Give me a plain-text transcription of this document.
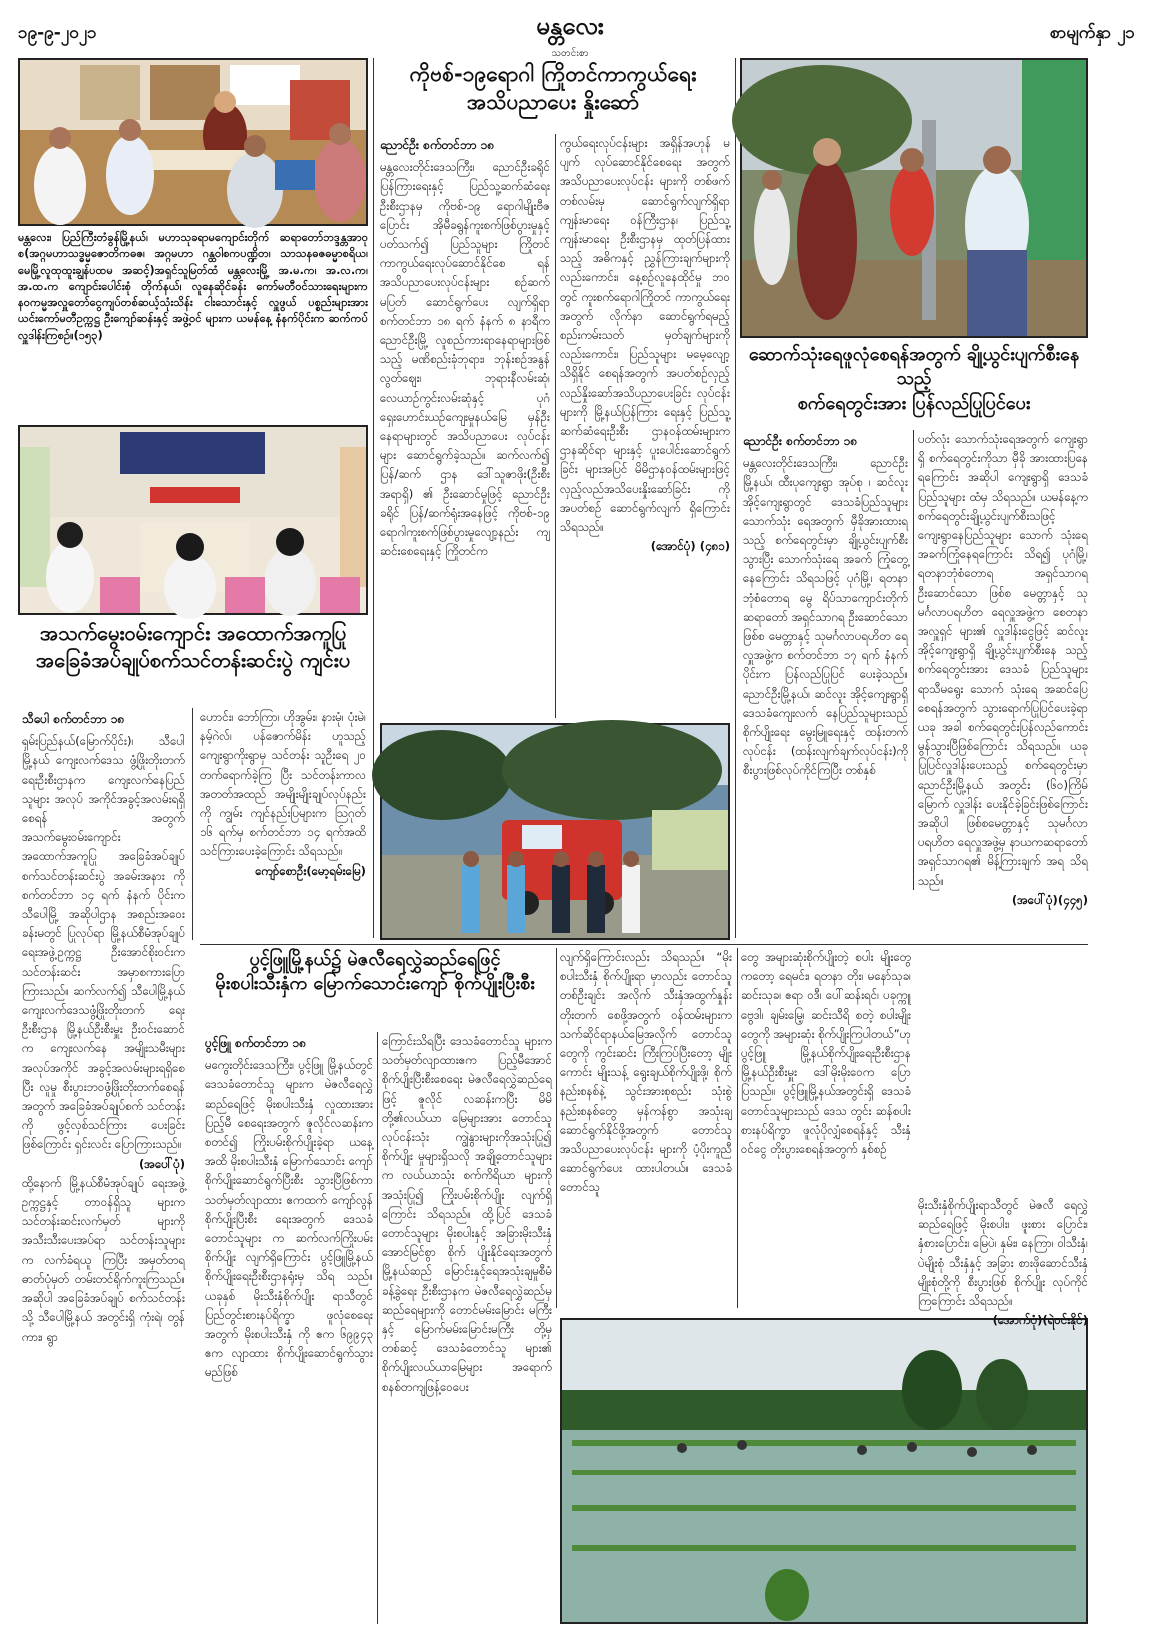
၁၉-၉-၂၀၂၁	မန္တလေး
သတင်းစာ
စာမျက်နှာ ၂၁
မန္တလေး၊ ပြည်ကြီးတံခွန်မြို့နယ်၊ မဟာသုခရာမကျောင်းတိုက် ဆရာတော်ဘဒ္ဒန္တအာဝုစ(အဂ္ဂမဟာသဒ္ဓမ္မဇောတိကဓဇ၊ အဂ္ဂမဟာ ဂန္ထဝါစကပဏ္ဍိတ၊ သာသနဓဇဓမ္မာစရိယ၊ မေမြို့လူထုထူးချွန်ပထမ အဆင့်)အရှင်သူမြတ်ထံ မန္တလေးမြို့ အ.မ.က၊ အ.လ.က၊ အ.ထ.က ကျောင်းပေါင်းစုံ တိုက်နယ်၊ လူနေဆိုင်ခန်း ကော်မတီဝင်သားရေးများက နဝကမ္မအလှူတော်ငွေကျပ်တစ်ဆယ့်သုံးသိန်း ငါးသောင်းနှင့် လှူဖွယ် ပစ္စည်းများအား ယင်းကော်မတီဥက္ကဋ္ဌ ဦးကျော်ဆန်းနှင့် အဖွဲ့ဝင် များက ယမန်နေ့ နံနက်ပိုင်းက ဆက်ကပ်လှူဒါန်းကြစဉ်။(၁၅၃)
အသက်မွေးဝမ်းကျောင်း အထောက်အကူပြု
အခြေခံအပ်ချုပ်စက်သင်တန်းဆင်းပွဲ ကျင်းပ
သီပေါ စက်တင်ဘာ ၁၈
ရှမ်းပြည်နယ်(မြောက်ပိုင်း)၊ သီပေါမြို့နယ် ကျေးလက်ဒေသ ဖွံ့ဖြိုးတိုးတက်ရေးဦးစီးဌာနက ကျေးလက်နေပြည်သူများ အလုပ် အကိုင်အခွင့်အလမ်းရရှိစေရန် အတွက် အသက်မွေးဝမ်းကျောင်း အထောက်အကူပြု အခြေခံအပ်ချုပ် စက်သင်တန်းဆင်းပွဲ အခမ်းအနား ကို စက်တင်ဘာ ၁၄ ရက် နံနက် ပိုင်းက သီပေါမြို့ အဆိုပါဌာန အစည်းအဝေးခန်းမတွင် ပြုလုပ်ရာ မြို့နယ်စီမံအုပ်ချုပ်ရေးအဖွဲ့ဥက္ကဋ္ဌ ဦးအောင်စိုးဝင်းက သင်တန်းဆင်း အမှာစကားပြောကြားသည်။ ဆက်လက်၍ သီပေါမြို့နယ် ကျေးလက်ဒေသဖွံ့ဖြိုးတိုးတက် ရေးဦးစီးဌာန မြို့နယ်ဦးစီးမှူး ဦးဝင်းဆောင်က ကျေးလက်နေ အမျိုးသမီးများ အလုပ်အကိုင် အခွင့်အလမ်းများရရှိစေပြီး လူမှု စီးပွားဘဝဖွံ့ဖြိုးတိုးတက်စေရန် အတွက် အခြေခံအပ်ချုပ်စက် သင်တန်းကို ဖွင့်လှစ်သင်ကြား ပေးခြင်းဖြစ်ကြောင်း ရှင်းလင်း ပြောကြားသည်။
(အပေါ်ပုံ)
ထို့နောက် မြို့နယ်စီမံအုပ်ချုပ် ရေးအဖွဲ့ဥက္ကဋ္ဌနှင့် တာဝန်ရှိသူ များက သင်တန်းဆင်းလက်မှတ် များကို အသီးသီးပေးအပ်ရာ သင်တန်းသူများက လက်ခံရယူ ကြပြီး အမှတ်တရ ဓာတ်ပုံမှတ် တမ်းတင်ရိုက်ကူးကြသည်။ အဆိုပါ အခြေခံအပ်ချုပ် စက်သင်တန်းသို့ သီပေါမြို့နယ် အတွင်းရှိ ကုံးရဲ၊ တွန်ကား၊ ရွာ
ဟောင်း၊ ဘော်ကြာ၊ ဟိုအွမ်း၊ နားမုံ၊ ပုံးမဲ၊ နမ့်ဂဲလ်၊ ပန်ဇောက်မိန်း ဟူသည့် ကျေးရွာကိုးရွာမှ သင်တန်း သူဦးရေ ၂၀ တက်ရောက်ခဲ့ကြ ပြီး သင်တန်းကာလ အတတ်အထည် အမျိုးမျိုးချုပ်လုပ်နည်းကို ကျွမ်း ကျင်နည်းပြများက သြဂုတ် ၁၆ ရက်မှ စက်တင်ဘာ ၁၄ ရက်အထိ သင်ကြားပေးခဲ့ကြောင်း သိရသည်။
ကျော်စောဦး(မော့ရမ်းမြေ)
ကိုဗစ်-၁၉ရောဂါ ကြိုတင်ကာကွယ်ရေး
အသိပညာပေး နှိုးဆော်
ညောင်ဦး စက်တင်ဘာ ၁၈
မန္တလေးတိုင်းဒေသကြီး၊ ညောင်ဦးခရိုင် ပြန်ကြားရေးနှင့် ပြည်သူ့ဆက်ဆံရေးဦးစီးဌာနမှ ကိုဗစ်-၁၉ ရောဂါမျိုးဗီဇပြောင်း အိုမီခရွန်ကူးစက်ဖြစ်ပွားမှုနှင့် ပတ်သက်၍ ပြည်သူများ ကြိုတင် ကာကွယ်ရေးလုပ်ဆောင်နိုင်စေ ရန် အသိပညာပေးလုပ်ငန်းများ စဉ်ဆက်မပြတ် ဆောင်ရွက်ပေး လျက်ရှိရာ စက်တင်ဘာ ၁၈ ရက် နံနက် ၈ နာရီက ညောင်ဦးမြို့ လူစည်ကားရာနေရာများဖြစ်သည့် မဏိစည်းခုံဘုရား၊ ဘုန်းစဉ်အနွန် လွတ်ဈေး၊ ဘုရားနီလမ်းဆုံ၊ လေယာဉ်ကွင်းလမ်းဆုံနှင့် ပုဂံ ရှေးဟောင်းယဉ်ကျေးမှုနယ်မြေ မှန်ဦးနေရာများတွင် အသိပညာပေး လုပ်ငန်းများ ဆောင်ရွက်ခဲ့သည်။ ဆက်လက်၍ ပြန်/ဆက် ဌာန ဒေါ်သူဇာဖိုး(ဦးစီးအရာရှိ) ၏ ဦးဆောင်မှုဖြင့် ညောင်ဦးခရိုင် ပြန်/ဆက်ရုံးအနေဖြင့် ကိုဗစ်-၁၉ ရောဂါကူးစက်ဖြစ်ပွားမှုလျော့နည်း ကျဆင်းစေရေးနှင့် ကြိုတင်က
ကွယ်ရေးလုပ်ငန်းများ အရှိန်အဟုန် မပျက် လုပ်ဆောင်နိုင်စေရေး အတွက် အသိပညာပေးလုပ်ငန်း များကို တစ်ဖက်တစ်လမ်းမှ ဆောင်ရွက်လျက်ရှိရာ ကျန်းမာရေး ဝန်ကြီးဌာန၊ ပြည်သူ့ကျန်းမာရေး ဦးစီးဌာနမှ ထုတ်ပြန်ထားသည့် အဓိကနှင့် ညွှန်ကြားချက်များကို လည်းကောင်း၊ နေ့စဉ်လူနေထိုင်မှု ဘဝတွင် ကူးစက်ရောဂါကြိုတင် ကာကွယ်ရေးအတွက် လိုက်နာ ဆောင်ရွက်ရမည့် စည်းကမ်းသတ် မှတ်ချက်များကိုလည်းကောင်း၊ ပြည်သူများ မမေ့လျော့ သိရှိနိုင် စေရန်အတွက် အပတ်စဉ်လှည့် လည်နှိုးဆော်အသိပညာပေးခြင်း လုပ်ငန်းများကို မြို့နယ်ပြန်ကြား ရေးနှင့် ပြည်သူ့ဆက်ဆံရေးဦးစီး ဌာနဝန်ထမ်းများက ဌာနဆိုင်ရာ များနှင့် ပူးပေါင်းဆောင်ရွက်ခြင်း များအပြင် မိမိဌာနဝန်ထမ်းများဖြင့် လှည့်လည်အသိပေးနှိုးဆော်ခြင်း ကို အပတ်စဉ် ဆောင်ရွက်လျက် ရှိကြောင်း သိရသည်။
(အောင်ပုံ) (၄၈၁)
ဆောက်သုံးရေဖူလုံစေရန်အတွက် ချို့ယွင်းပျက်စီးနေသည့်
စက်ရေတွင်းအား ပြန်လည်ပြုပြင်ပေး
ညောင်ဦး စက်တင်ဘာ ၁၈
မန္တလေးတိုင်းဒေသကြီး၊ ညောင်ဦးမြို့နယ်၊ ထီးပုကျေးရွာ အုပ်စု ၊ ဆင်လူးအိုင့်ကျေးရွာတွင် ဒေသခံပြည်သူများ သောက်သုံး ရေအတွက် မှီခိုအားထားရသည့် စက်ရေတွင်းမှာ ချို့ယွင်းပျက်စီး သွားပြီး သောက်သုံးရေ အခက် ကြုံတွေ့နေကြောင်း သိရသဖြင့် ပုဂံမြို့၊ ရတနာဘုံစံတောရ မွေ ရိပ်သာကျောင်းတိုက်ဆရာတော် အရှင်သာဂရ ဦးဆောင်သော ဖြစ်စ မေတ္တာနှင့် သုမင်္ဂလာပရဟိတ ရေလှူအဖွဲ့က စက်တင်ဘာ ၁၇ ရက် နံနက်ပိုင်းက ပြန်လည်ပြုပြင် ပေးခဲ့သည်။ ညောင်ဦးမြို့နယ်၊ ဆင်လူး အိုင့်ကျေးရွာရှိ ဒေသခံကျေးလက် နေပြည်သူများသည် စိုက်ပျိုးရေး မွေးမြူရေးနှင့် ထန်းတက်လုပ်ငန်း (ထန်းလျက်ချက်လုပ်ငန်း)ကို စီးပွားဖြစ်လုပ်ကိုင်ကြပြီး တစ်နှစ်
ပတ်လုံး သောက်သုံးရေအတွက် ကျေးရွာရှိ စက်ရေတွင်းကိုသာ မှီခို အားထားပြနေရကြောင်း အဆိုပါ ကျေးရွာရှိ ဒေသခံပြည်သူများ ထံမှ သိရသည်။ ယမန်နေ့က စက်ရေတွင်းချို့ယွင်းပျက်စီးသဖြင့် ကျေးရွာနေပြည်သူများ သောက် သုံးရေ အခက်ကြုံနေရကြောင်း သိရ၍ ပုဂံမြို့၊ ရတနာဘုံစံတောရ အရှင်သာဂရ ဦးဆောင်သော ဖြစ်စ မေတ္တာနှင့် သုမင်္ဂလာပရဟိတ ရေလှူအဖွဲ့က စေတနာအလှူရှင် များ၏ လှူဒါန်းငွေဖြင့် ဆင်လူး အိုင့်ကျေးရွာရှိ ချို့ယွင်းပျက်စီးနေ သည့် စက်ရေတွင်းအား ဒေသခံ ပြည်သူများ ရာသီမရွေး သောက် သုံးရေ အဆင်ပြေစေရန်အတွက် သွားရောက်ပြုပြင်ပေးခဲ့ရာ ယခု အခါ စက်ရေတွင်းပြန်လည်ကောင်း မွန်သွားပြီဖြစ်ကြောင်း သိရသည်။ ယခု ပြုပြင်လှူဒါန်းပေးသည့် စက်ရေတွင်းမှာ ညောင်ဦးမြို့နယ် အတွင်း (၆၀)ကြိမ်မြောက် လှူဒါန်း ပေးနိုင်ခဲ့ခြင်းဖြစ်ကြောင်း အဆိုပါ ဖြစ်စမေတ္တာနှင့် သုမင်္ဂလာပရဟိတ ရေလှူအဖွဲ့မှ နာယကဆရာတော် အရှင်သာဂရ၏ မိန့်ကြားချက် အရ သိရသည်။
(အပေါ်ပုံ)(၄၄၅)
ပွင့်ဖြူမြို့နယ်၌ မဲဇလီရေလွှဲဆည်ရေဖြင့်
မိုးစပါးသီးနှံက မြောက်သောင်းကျော် စိုက်ပျိုးပြီးစီး
ပွင့်ဖြူ စက်တင်ဘာ ၁၈
မကွေးတိုင်းဒေသကြီး၊ ပွင့်ဖြူ မြို့နယ်တွင် ဒေသခံတောင်သူ များက မဲဇလီရေလွှဲဆည်ရေဖြင့် မိုးစပါးသီးနှံ လှုထားအား ပြည့်မီ စေရေးအတွက် ဇူလိုင်လဆန်းက စတင်၍ ကြိုးပမ်းစိုက်ပျိုးခဲ့ရာ ယနေ့ အထိ မိုးစပါးသီးနှံ မြောက်သောင်း ကျော် စိုက်ပျိုးဆောင်ရွက်ပြီးစီး သွားပြီဖြစ်ကာ သတ်မှတ်လျာထား ဧကထက် ကျော်လွန်စိုက်ပျိုးပြီးစီး ရေးအတွက် ဒေသခံတောင်သူများ က ဆက်လက်ကြိုးပမ်းစိုက်ပျိုး လျက်ရှိကြောင်း ပွင့်ဖြူမြို့နယ် စိုက်ပျိုးရေးဦးစီးဌာနရုံးမှ သိရ သည်။ ယခုနှစ် မိုးသီးနှံစိုက်ပျိုး ရာသီတွင် ပြည်တွင်းစားနပ်ရိက္ခာ ဖူလုံစေရေးအတွက် မိုးစပါးသီးနှံ ကို ဧက ၆၉၉၄၃ ဧက လျာထား စိုက်ပျိုးဆောင်ရွက်သွားမည်ဖြစ်
ကြောင်းသိရပြီး ဒေသခံတောင်သူ များက သတ်မှတ်လျာထားဧက ပြည့်မီအောင် စိုက်ပျိုးပြီးစီးစေရေး မဲဇလီရေလွှဲဆည်ရေဖြင့် ဇူလိုင် လဆန်းကပြီး မိမိတို့၏လယ်ယာ မြေများအား တောင်သူလုပ်ငန်းသုံး ကျွဲနွားများကိုအသုံးပြု၍ စိုက်ပျိုး မှုများရှိသလို အချို့တောင်သူများ က လယ်ယာသုံး စက်ကိရိယာ များကို အသုံးပြု၍ ကြိုးပမ်းစိုက်ပျိုး လျက်ရှိကြောင်း သိရသည်။ ထို့ပြင် ဒေသခံတောင်သူများ မိုးစပါးနှင့် အခြားမိုးသီးနှံ အောင်မြင်စွာ စိုက် ပျိုးနိုင်ရေးအတွက် မြို့နယ်ဆည် မြောင်းနှင့်ရေအသုံးချမှုစီမံခန့်ခွဲရေး ဦးစီးဌာနက မဲဇလီရေလွှဲဆည်မှ ဆည်ရေများကို တောင်မမ်းမြောင်း မကြီးနှင့် မြောက်မမ်းမြောင်းမကြီး တို့မှတစ်ဆင့် ဒေသခံတောင်သူ များ၏ စိုက်ပျိုးလယ်ယာမြေများ အရောက် စနစ်တကျဖြန့်ဝေပေး
လျက်ရှိကြောင်းလည်း သိရသည်။ “မိုးစပါးသီးနှံ စိုက်ပျိုးရာ မှာလည်း တောင်သူတစ်ဦးချင်း အလိုက် သီးနှံအထွက်နှုန်းတိုးတက် စေဖို့အတွက် ဝန်ထမ်းများက သက်ဆိုင်ရာနယ်မြေအလိုက် တောင်သူတွေကို ကွင်းဆင်း ကြီးကြပ်ပြီးတော့ မျိုးကောင်း မျိုးသန့် ရွေးချယ်စိုက်ပျိုးဖို့၊ စိုက် နည်းစနစ်နဲ့ သွင်းအားစုစည်း သုံးစွဲနည်းစနစ်တွေ မှန်ကန်စွာ အသုံးချ ဆောင်ရွက်နိုင်ဖို့အတွက် တောင်သူအသိပညာပေးလုပ်ငန်း များကို ပံ့ပိုးကူညီဆောင်ရွက်ပေး ထားပါတယ်။ ဒေသခံ တောင်သူ
တွေ အများဆုံးစိုက်ပျိုးတဲ့ စပါး မျိုးတွေကတော့ ရေမင်း၊ ရတနာ တိုး၊ မနော်သုခ၊ ဆင်းသုခ၊ ဧရာ ဝဒီ၊ ပေါ်ဆန်းရင်၊ ပခုက္ကူ ဗွေဒါ၊ ချမ်းမြေ့၊ ဆင်းသီရိ စတဲ့ စပါးမျိုးတွေကို အများဆုံး စိုက်ပျိုးကြပါတယ်”ဟု ပွင့်ဖြူ မြို့နယ်စိုက်ပျိုးရေးဦးစီးဌာန မြို့နယ်ဦးစီးမှူး ဒေါ်မိုးမိုးဝေက ပြောပြသည်။ ပွင့်ဖြူမြို့နယ်အတွင်းရှိ ဒေသခံတောင်သူများသည် ဒေသ တွင်း ဆန်စပါး စားနပ်ရိက္ခာ ဖူလုံပိုလျှံစေရန်နှင့် သီးနှံဝင်ငွေ တိုးပွားစေရန်အတွက် နှစ်စဉ်
မိုးသီးနှံစိုက်ပျိုးရာသီတွင် မဲဇလီ ရေလွှဲဆည်ရေဖြင့် မိုးစပါး၊ ဖူးစား ပြောင်း၊ နှံစားပြောင်း၊ မြေပဲ၊ နှမ်း၊ နေကြာ၊ ဝါသီးနှံ၊ ပဲမျိုးစုံ သီးနှံနှင့် အခြား စားဖိုဆောင်သီးနှံ မျိုးစုံတို့ကို စီးပွားဖြစ် စိုက်ပျိုး လုပ်ကိုင်ကြကြောင်း သိရသည်။
(အောက်ပုံ)(ရဲဝင်းနိုင်)
